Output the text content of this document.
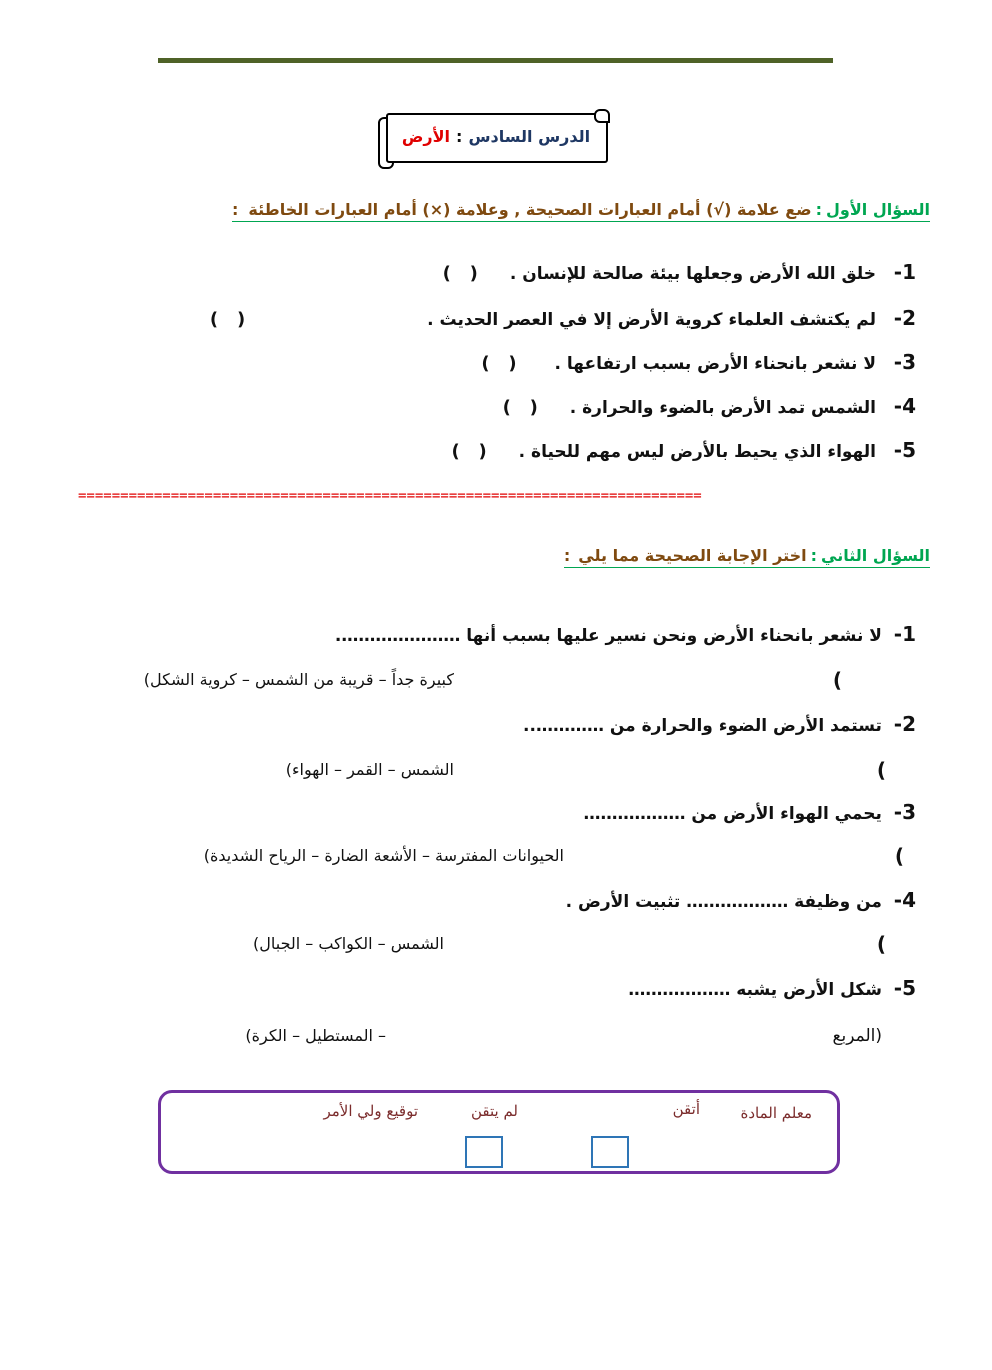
الدرس السادس
:
الأرض
السؤال الأول:ضع علامة (√) أمام العبارات الصحيحة , وعلامة (×) أمام العبارات الخاطئة:
1-   خلق الله الأرض وجعلها بيئة صالحة للإنسان . (   )
2-   لم يكتشف العلماء كروية الأرض إلا في العصر الحديث . (   )
3-   لا نشعر بانحناء الأرض بسبب ارتفاعها . (   )
4-   الشمس تمد الأرض بالضوء والحرارة . (   )
5-   الهواء الذي يحيط بالأرض ليس مهم للحياة . (   )
==========================================================================
السؤال الثاني:اختر الإجابة الصحيحة مما يلي:
1-  لا نشعر بانحناء الأرض ونحن نسير عليها بسبب أنها ………………….
(
كبيرة جداً – قريبة من الشمس – كروية الشكل)
2-  تستمد الأرض الضوء والحرارة من …………..
(
الشمس – القمر – الهواء)
3-  يحمي الهواء الأرض من ………………
(
الحيوانات المفترسة – الأشعة الضارة – الرياح الشديدة)
4-  من وظيفة ……………… تثبيت الأرض .
(
الشمس – الكواكب – الجبال)
5-  شكل الأرض يشبه ………………
(المربع
– المستطيل – الكرة)
معلم المادة
أتقن
لم يتقن
توقيع ولي الأمر
